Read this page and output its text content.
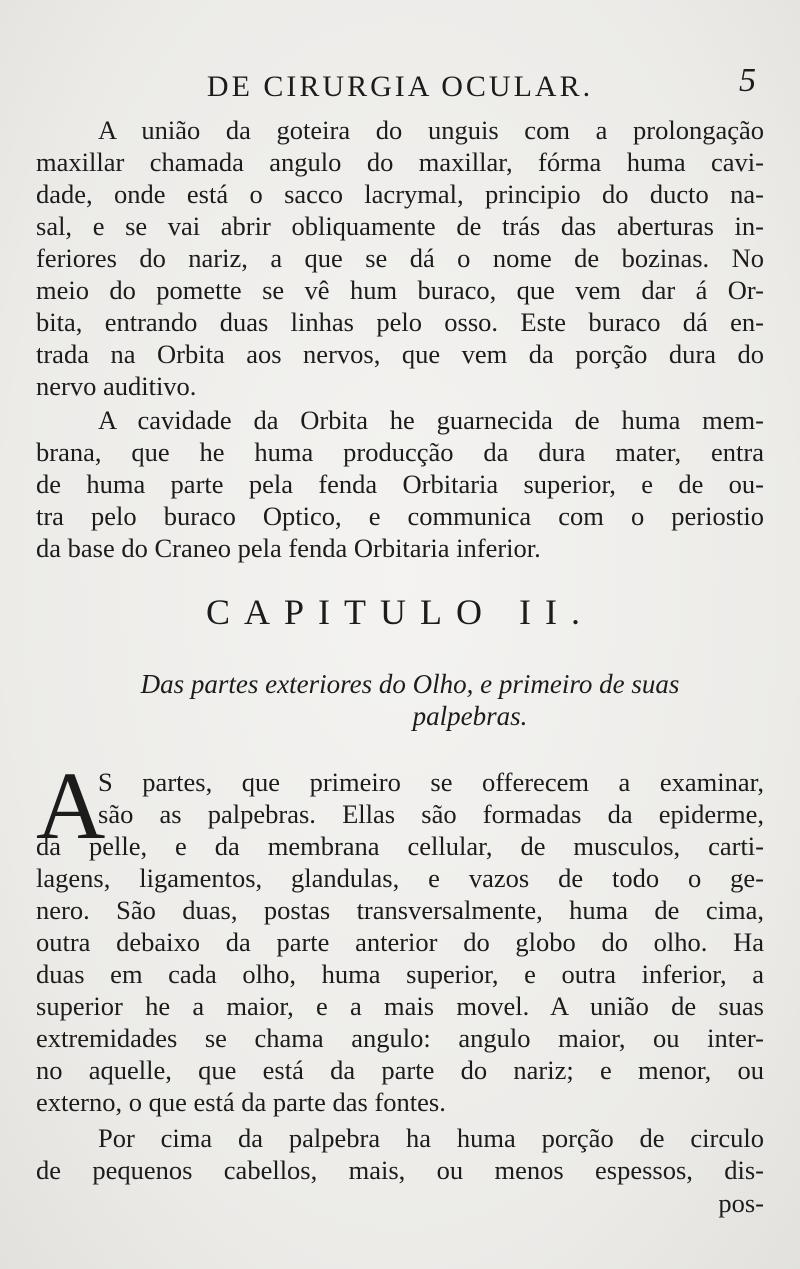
DE CIRURGIA OCULAR.	5
A união da goteira do unguis com a prolongação
maxillar chamada angulo do maxillar, fórma huma cavi-
dade, onde está o sacco lacrymal, principio do ducto na-
sal, e se vai abrir obliquamente de trás das aberturas in-
feriores do nariz, a que se dá o nome de bozinas. No
meio do pomette se vê hum buraco, que vem dar á Or-
bita, entrando duas linhas pelo osso. Este buraco dá en-
trada na Orbita aos nervos, que vem da porção dura do
nervo auditivo.
A cavidade da Orbita he guarnecida de huma mem-
brana, que he huma producção da dura mater, entra
de huma parte pela fenda Orbitaria superior, e de ou-
tra pelo buraco Optico, e communica com o periostio
da base do Craneo pela fenda Orbitaria inferior.
CAPITULO II.
Das partes exteriores do Olho, e primeiro de suas
palpebras.
A
S partes, que primeiro se offerecem a examinar,
são as palpebras. Ellas são formadas da epiderme,
da pelle, e da membrana cellular, de musculos, carti-
lagens, ligamentos, glandulas, e vazos de todo o ge-
nero. São duas, postas transversalmente, huma de cima,
outra debaixo da parte anterior do globo do olho. Ha
duas em cada olho, huma superior, e outra inferior, a
superior he a maior, e a mais movel. A união de suas
extremidades se chama angulo: angulo maior, ou inter-
no aquelle, que está da parte do nariz; e menor, ou
externo, o que está da parte das fontes.
Por cima da palpebra ha huma porção de circulo
de pequenos cabellos, mais, ou menos espessos, dis-
pos-
